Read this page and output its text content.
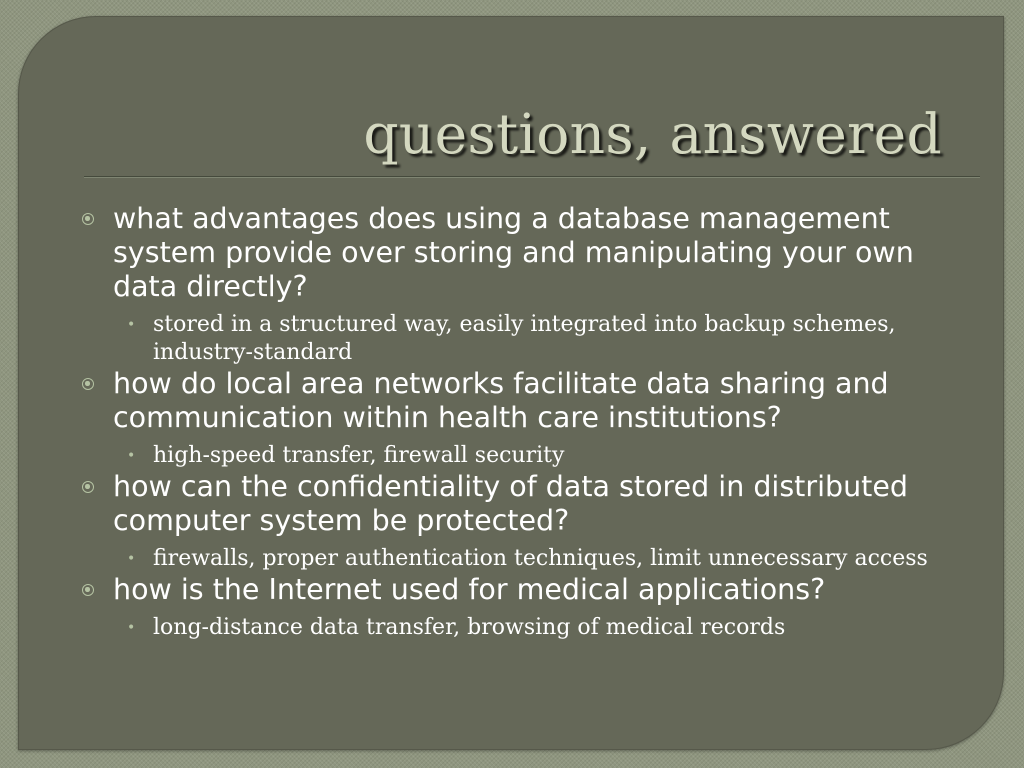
questions, answered
what advantages does using a database management system provide over storing and manipulating your own data directly?
• stored in a structured way, easily integrated into backup schemes, industry-standard
how do local area networks facilitate data sharing and communication within health care institutions?
• high-speed transfer, firewall security
how can the confidentiality of data stored in distributed computer system be protected?
• firewalls, proper authentication techniques, limit unnecessary access
how is the Internet used for medical applications?
• long-distance data transfer, browsing of medical records
